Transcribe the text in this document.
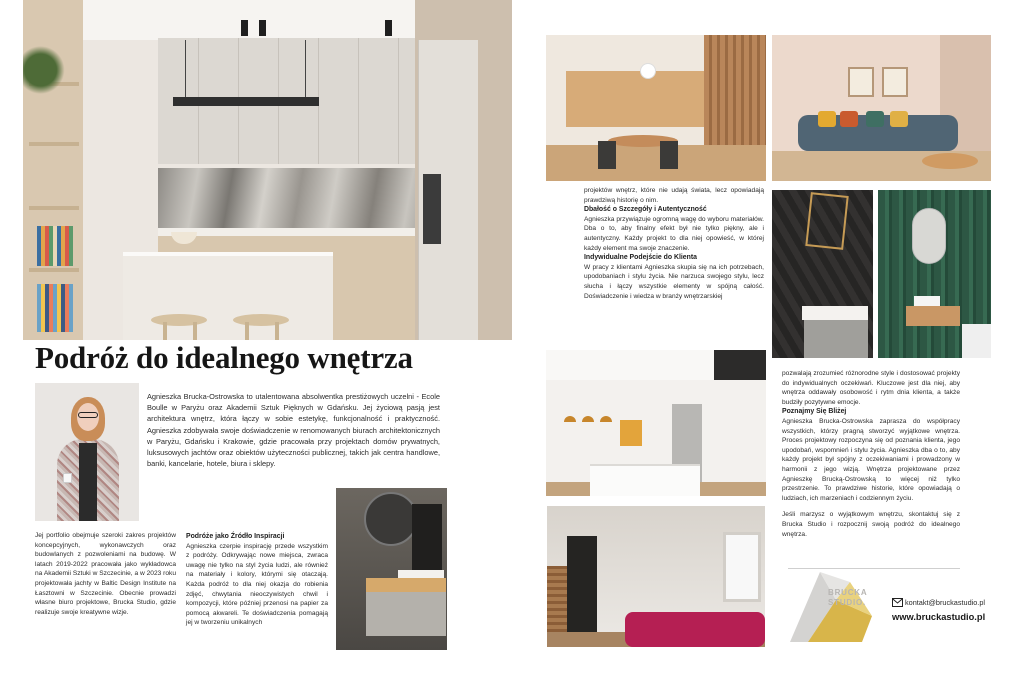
Podróż do idealnego wnętrza

Agnieszka Brucka-Ostrowska to utalentowana absolwentka prestiżowych uczelni - Ecole Boulle w Paryżu oraz Akademii Sztuk Pięknych w Gdańsku. Jej życiową pasją jest architektura wnętrz, która łączy w sobie estetykę, funkcjonalność i praktyczność. Agnieszka zdobywała swoje doświadczenie w renomowanych biurach architektonicznych w Paryżu, Gdańsku i Krakowie, gdzie pracowała przy projektach domów prywatnych, luksusowych jachtów oraz obiektów użyteczności publicznej, takich jak centra handlowe, banki, kancelarie, hotele, biura i sklepy.

Jej portfolio obejmuje szeroki zakres projektów koncepcyjnych, wykonawczych oraz budowlanych z pozwoleniami na budowę. W latach 2019-2022 pracowała jako wykładowca na Akademii Sztuki w Szczecinie, a w 2023 roku projektowała jachty w Baltic Design Institute na Łasztowni w Szczecinie. Obecnie prowadzi własne biuro projektowe, Brucka Studio, gdzie realizuje swoje kreatywne wizje.

Podróże jako Źródło Inspiracji

Agnieszka czerpie inspirację przede wszystkim z podróży. Odkrywając nowe miejsca, zwraca uwagę nie tylko na styl życia ludzi, ale również na materiały i kolory, którymi się otaczają. Każda podróż to dla niej okazja do robienia zdjęć, chwytania nieoczywistych chwil i kompozycji, które później przenosi na papier za pomocą akwareli. Te doświadczenia pomagają jej w tworzeniu unikalnych

projektów wnętrz, które nie udają świata, lecz opowiadają prawdziwą historię o nim.

Dbałość o Szczegóły i Autentyczność

Agnieszka przywiązuje ogromną wagę do wyboru materiałów. Dba o to, aby finalny efekt był nie tylko piękny, ale i autentyczny. Każdy projekt to dla niej opowieść, w której każdy element ma swoje znaczenie.

Indywidualne Podejście do Klienta

W pracy z klientami Agnieszka skupia się na ich potrzebach, upodobaniach i stylu życia. Nie narzuca swojego stylu, lecz słucha i łączy wszystkie elementy w spójną całość. Doświadczenie i wiedza w branży wnętrzarskiej

pozwalają zrozumieć różnorodne style i dostosować projekty do indywidualnych oczekiwań. Kluczowe jest dla niej, aby wnętrza oddawały osobowość i rytm dnia klienta, a także budziły pozytywne emocje.

Poznajmy Się Bliżej

Agnieszka Brucka-Ostrowska zaprasza do współpracy wszystkich, którzy pragną stworzyć wyjątkowe wnętrza. Proces projektowy rozpoczyna się od poznania klienta, jego upodobań, wspomnień i stylu życia. Agnieszka dba o to, aby każdy projekt był spójny z oczekiwaniami i prowadzony w harmonii z jego wizją. Wnętrza projektowane przez Agnieszkę Brucką-Ostrowską to więcej niż tylko przestrzenie. To prawdziwe historie, które opowiadają o ludziach, ich marzeniach i codziennym życiu.

Jeśli marzysz o wyjątkowym wnętrzu, skontaktuj się z Brucka Studio i rozpocznij swoją podróż do idealnego wnętrza.

BRUCKA
STUDIO.	kontakt@bruckastudio.pl
www.bruckastudio.pl
